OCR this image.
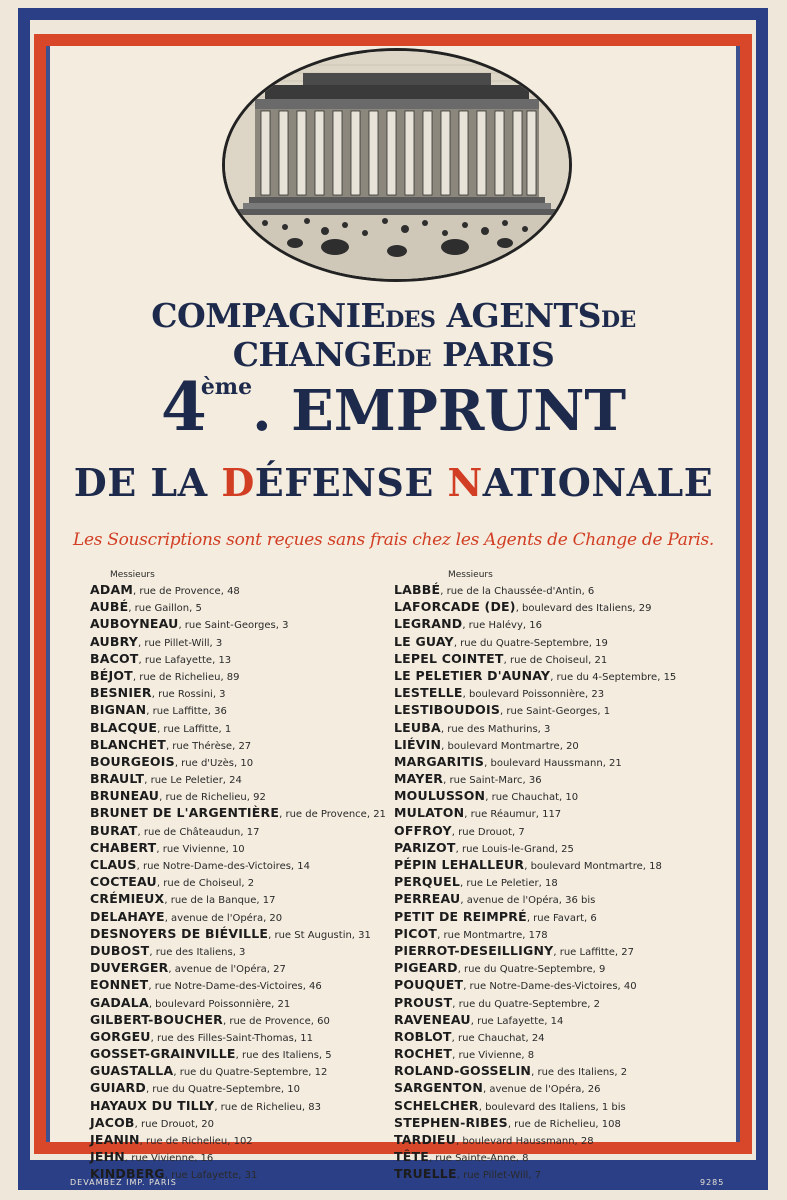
DEVAMBEZ IMP. PARIS	9285
COMPAGNIEDES AGENTSDE CHANGEDE PARIS
4ème. EMPRUNT
DE LA DÉFENSE NATIONALE
Les Souscriptions sont reçues sans frais chez les Agents de Change de Paris.
Messieurs
ADAM, rue de Provence, 48
AUBÉ, rue Gaillon, 5
AUBOYNEAU, rue Saint-Georges, 3
AUBRY, rue Pillet-Will, 3
BACOT, rue Lafayette, 13
BÉJOT, rue de Richelieu, 89
BESNIER, rue Rossini, 3
BIGNAN, rue Laffitte, 36
BLACQUE, rue Laffitte, 1
BLANCHET, rue Thérèse, 27
BOURGEOIS, rue d'Uzès, 10
BRAULT, rue Le Peletier, 24
BRUNEAU, rue de Richelieu, 92
BRUNET DE L'ARGENTIÈRE, rue de Provence, 21
BURAT, rue de Châteaudun, 17
CHABERT, rue Vivienne, 10
CLAUS, rue Notre-Dame-des-Victoires, 14
COCTEAU, rue de Choiseul, 2
CRÉMIEUX, rue de la Banque, 17
DELAHAYE, avenue de l'Opéra, 20
DESNOYERS DE BIÉVILLE, rue St Augustin, 31
DUBOST, rue des Italiens, 3
DUVERGER, avenue de l'Opéra, 27
EONNET, rue Notre-Dame-des-Victoires, 46
GADALA, boulevard Poissonnière, 21
GILBERT-BOUCHER, rue de Provence, 60
GORGEU, rue des Filles-Saint-Thomas, 11
GOSSET-GRAINVILLE, rue des Italiens, 5
GUASTALLA, rue du Quatre-Septembre, 12
GUIARD, rue du Quatre-Septembre, 10
HAYAUX DU TILLY, rue de Richelieu, 83
JACOB, rue Drouot, 20
JEANIN, rue de Richelieu, 102
JEHN, rue Vivienne, 16
KINDBERG, rue Lafayette, 31
Messieurs
LABBÉ, rue de la Chaussée-d'Antin, 6
LAFORCADE (DE), boulevard des Italiens, 29
LEGRAND, rue Halévy, 16
LE GUAY, rue du Quatre-Septembre, 19
LEPEL COINTET, rue de Choiseul, 21
LE PELETIER D'AUNAY, rue du 4-Septembre, 15
LESTELLE, boulevard Poissonnière, 23
LESTIBOUDOIS, rue Saint-Georges, 1
LEUBA, rue des Mathurins, 3
LIÉVIN, boulevard Montmartre, 20
MARGARITIS, boulevard Haussmann, 21
MAYER, rue Saint-Marc, 36
MOULUSSON, rue Chauchat, 10
MULATON, rue Réaumur, 117
OFFROY, rue Drouot, 7
PARIZOT, rue Louis-le-Grand, 25
PÉPIN LEHALLEUR, boulevard Montmartre, 18
PERQUEL, rue Le Peletier, 18
PERREAU, avenue de l'Opéra, 36 bis
PETIT DE REIMPRÉ, rue Favart, 6
PICOT, rue Montmartre, 178
PIERROT-DESEILLIGNY, rue Laffitte, 27
PIGEARD, rue du Quatre-Septembre, 9
POUQUET, rue Notre-Dame-des-Victoires, 40
PROUST, rue du Quatre-Septembre, 2
RAVENEAU, rue Lafayette, 14
ROBLOT, rue Chauchat, 24
ROCHET, rue Vivienne, 8
ROLAND-GOSSELIN, rue des Italiens, 2
SARGENTON, avenue de l'Opéra, 26
SCHELCHER, boulevard des Italiens, 1 bis
STEPHEN-RIBES, rue de Richelieu, 108
TARDIEU, boulevard Haussmann, 28
TÊTE, rue Sainte-Anne, 8
TRUELLE, rue Pillet-Will, 7
